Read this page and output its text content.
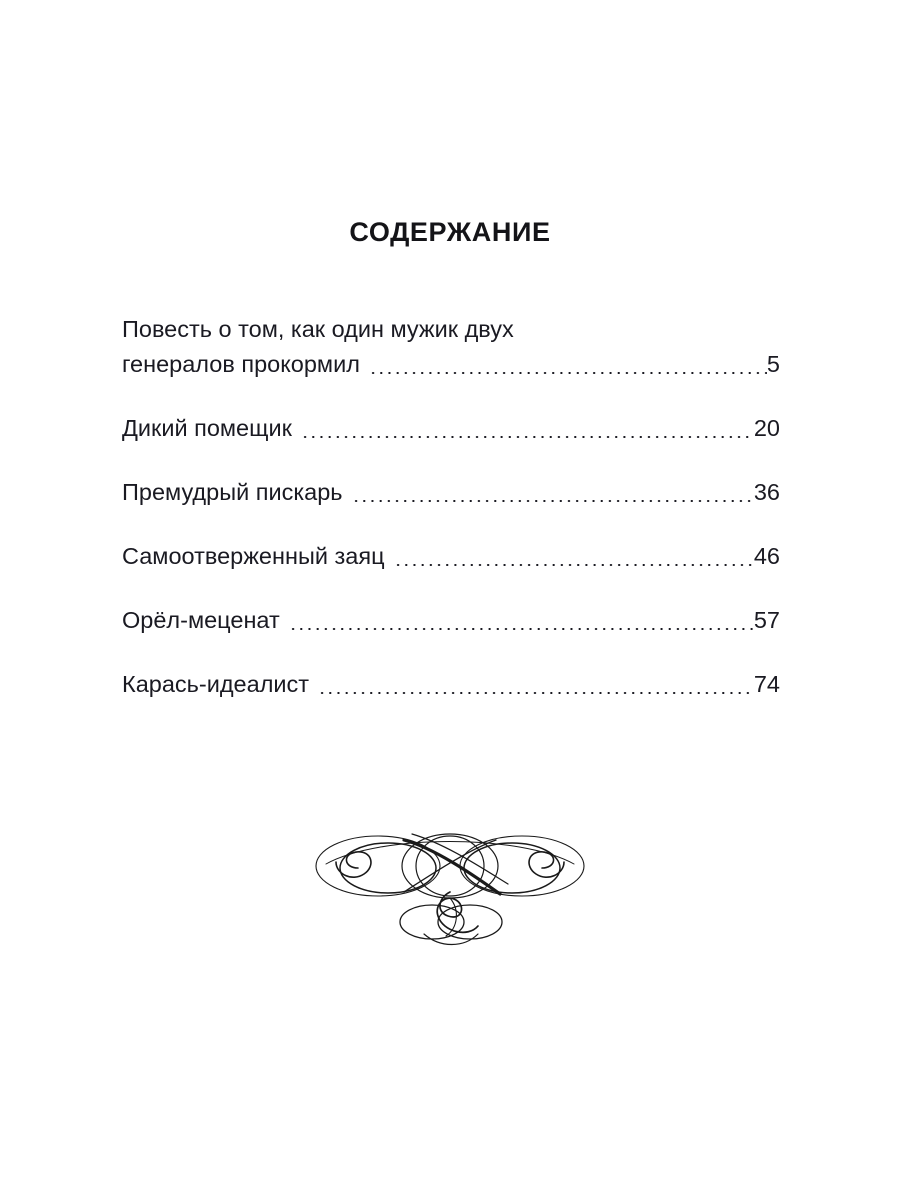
СОДЕРЖАНИЕ
Повесть о том, как один мужик двух
генералов прокормил	5
Дикий помещик	20
Премудрый пискарь	36
Самоотверженный заяц	46
Орёл-меценат	57
Карась-идеалист	74
